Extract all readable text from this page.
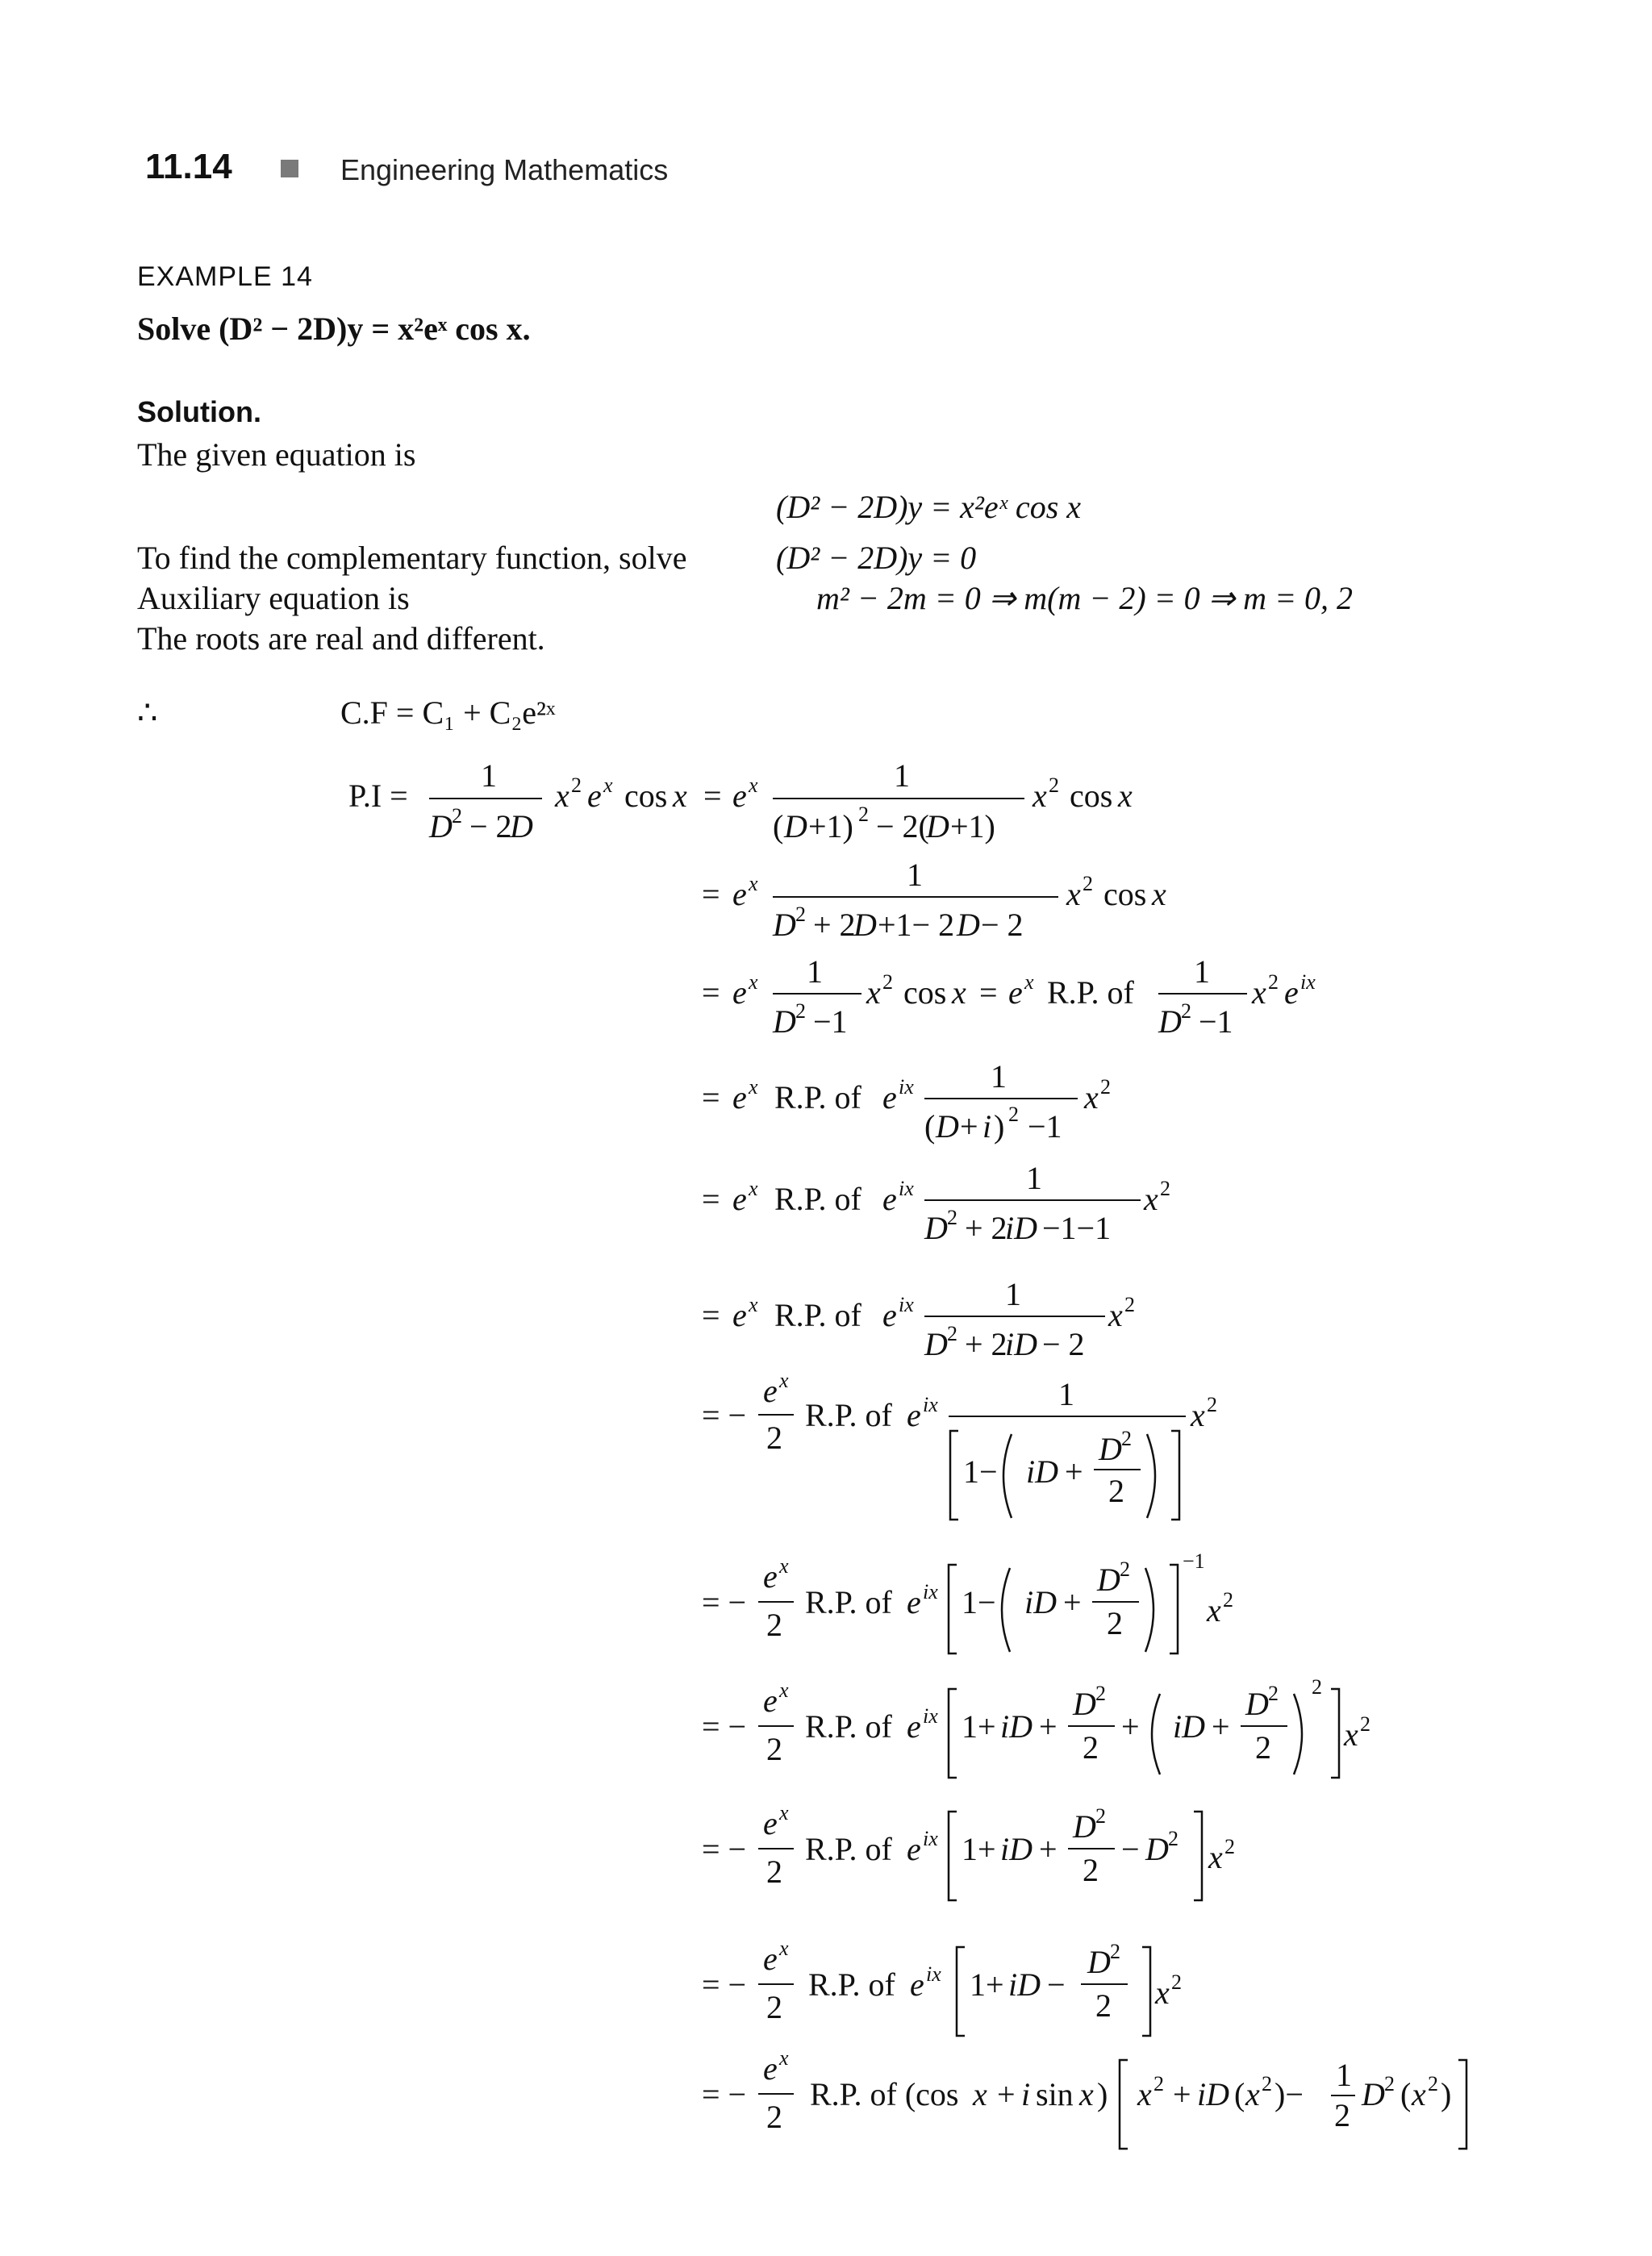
11.14	Engineering Mathematics
EXAMPLE 14
Solve (D² − 2D)y = x²eˣ cos x.
Solution.
The given equation is
(D² − 2D)y = x²eˣ cos x
To find the complementary function, solve	(D² − 2D)y = 0
Auxiliary equation is	m² − 2m = 0 ⇒ m(m − 2) = 0 ⇒ m = 0, 2
The roots are real and different.
∴	C.F = C₁ + C₂e²ˣ
P.I =
1
D 2 − 2
D
x 2 e x cos x = e x	1
( D +1) 2 − 2(
D +1)
x 2 cos x
= e x	1
D 2 + 2
D +1− 2 D − 2
x 2 cos x
= e x 1
D 2 −1
x 2 cos x = e x R.P. of
1
D 2 −1
x 2 e ix
= e x R.P. of e ix 1
( D + i ) 2 −1
x 2
= e x R.P. of e ix	1
D 2 + 2
iD −1−1
x 2
= e x R.P. of e ix	1
D 2 + 2
iD − 2
x 2
= −
e x
2
R.P. of e ix	1
1− iD +
D 2
2
x 2
= −
e x
2
R.P. of e ix 1− iD +
D 2
2
−1
x 2
= −
e x
2
R.P. of e ix 1+ iD +
D 2
2
+ iD +
D 2
2
2
x 2
= −
e x
2
R.P. of e ix 1+ iD +
D 2
2
− D 2
x 2
= −
e x
2
R.P. of e ix 1+ iD −
D 2
2 x 2
= −
e x
2
R.P. of (cos x + i sin x ) x 2 + iD ( x 2 )−
1
2
D 2 ( x 2 )
